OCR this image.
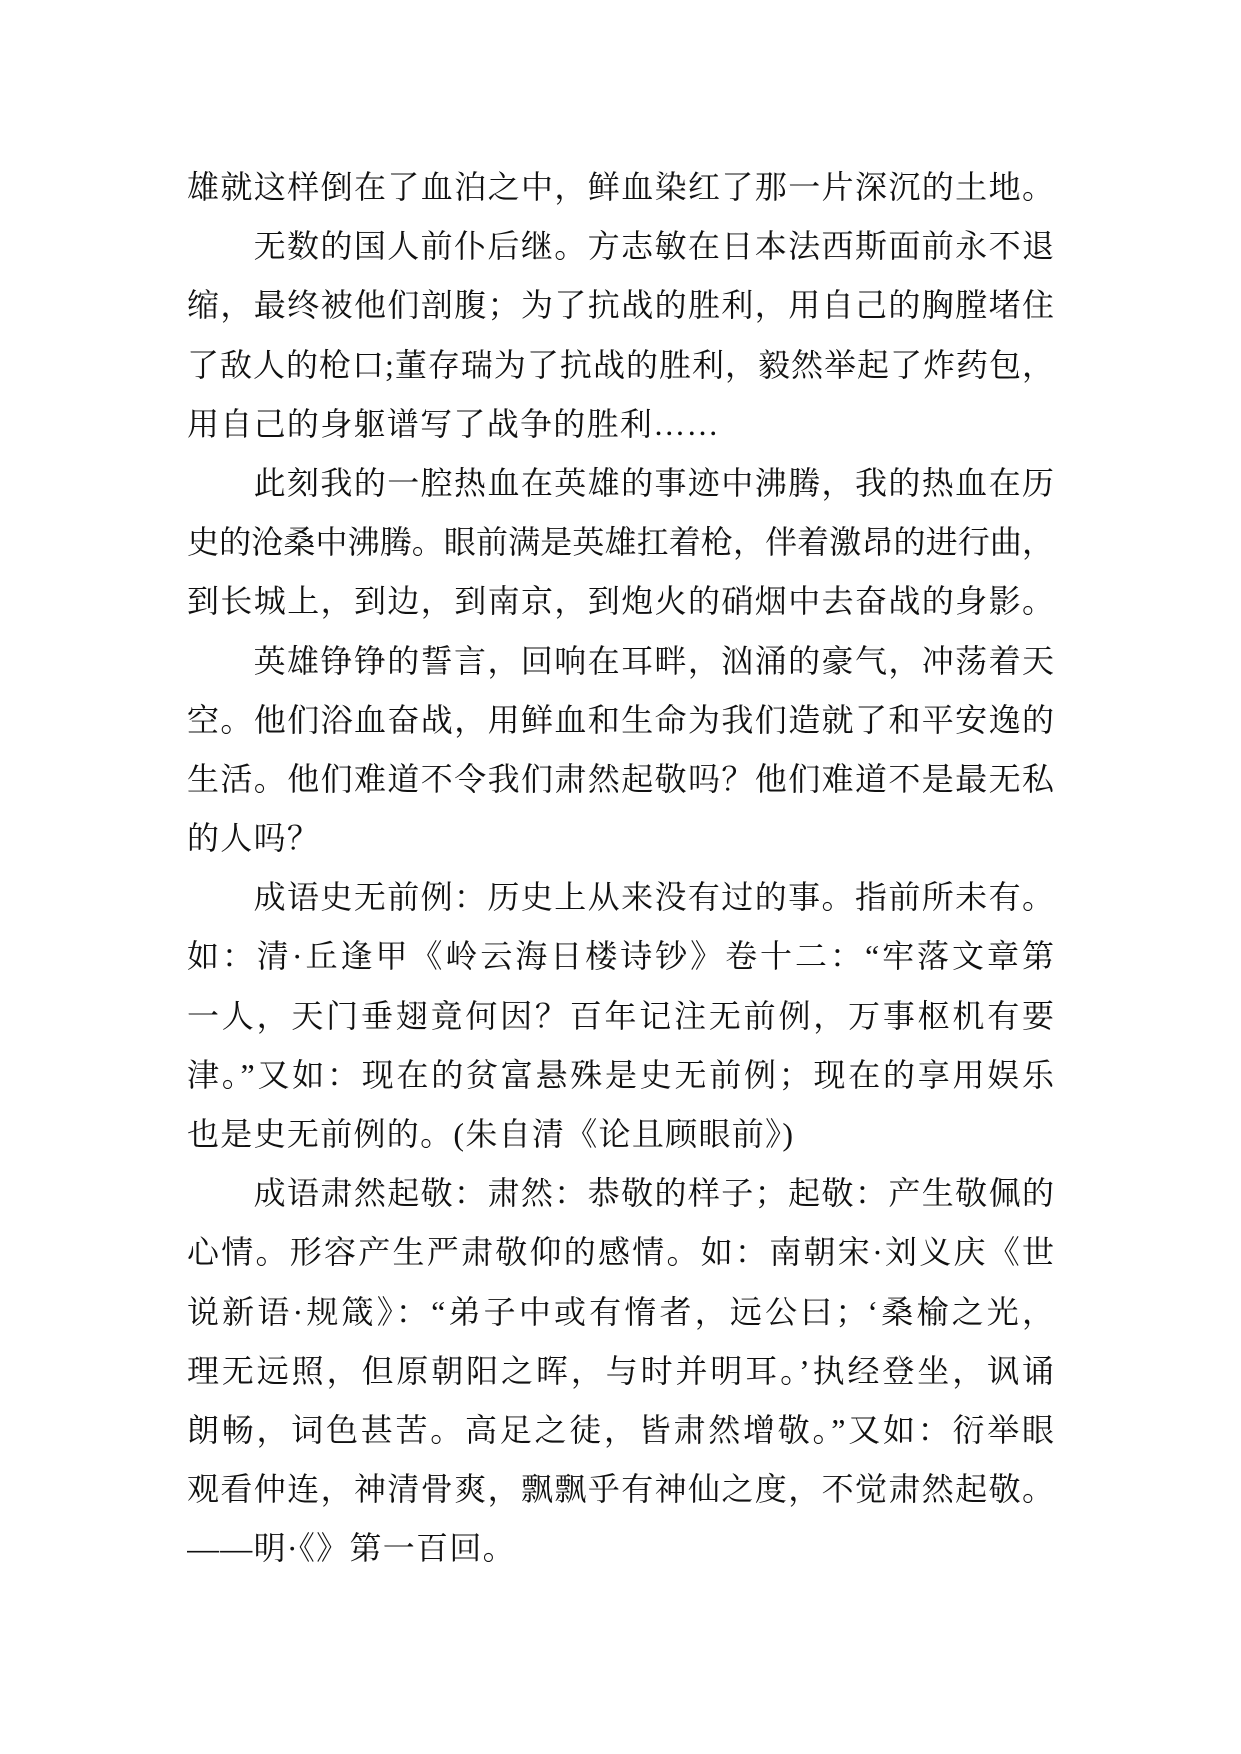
雄就这样倒在了血泊之中，鲜血染红了那一片深沉的土地。
无数的国人前仆后继。方志敏在日本法西斯面前永不退
缩，最终被他们剖腹；为了抗战的胜利，用自己的胸膛堵住
了敌人的枪口;董存瑞为了抗战的胜利，毅然举起了炸药包，
用自己的身躯谱写了战争的胜利……
此刻我的一腔热血在英雄的事迹中沸腾，我的热血在历
史的沧桑中沸腾。眼前满是英雄扛着枪，伴着激昂的进行曲，
到长城上，到边，到南京，到炮火的硝烟中去奋战的身影。
英雄铮铮的誓言，回响在耳畔，汹涌的豪气，冲荡着天
空。他们浴血奋战，用鲜血和生命为我们造就了和平安逸的
生活。他们难道不令我们肃然起敬吗？他们难道不是最无私
的人吗？
成语史无前例：历史上从来没有过的事。指前所未有。
如：清·丘逢甲《岭云海日楼诗钞》卷十二：“牢落文章第
一人，天门垂翅竟何因？百年记注无前例，万事枢机有要
津。”又如：现在的贫富悬殊是史无前例；现在的享用娱乐
也是史无前例的。(朱自清《论且顾眼前》)
成语肃然起敬：肃然：恭敬的样子；起敬：产生敬佩的
心情。形容产生严肃敬仰的感情。如：南朝宋·刘义庆《世
说新语·规箴》：“弟子中或有惰者，远公曰；‘桑榆之光，
理无远照，但原朝阳之晖，与时并明耳。’执经登坐，讽诵
朗畅，词色甚苦。高足之徒，皆肃然增敬。”又如：衍举眼
观看仲连，神清骨爽，飘飘乎有神仙之度，不觉肃然起敬。
——明·《》第一百回。
